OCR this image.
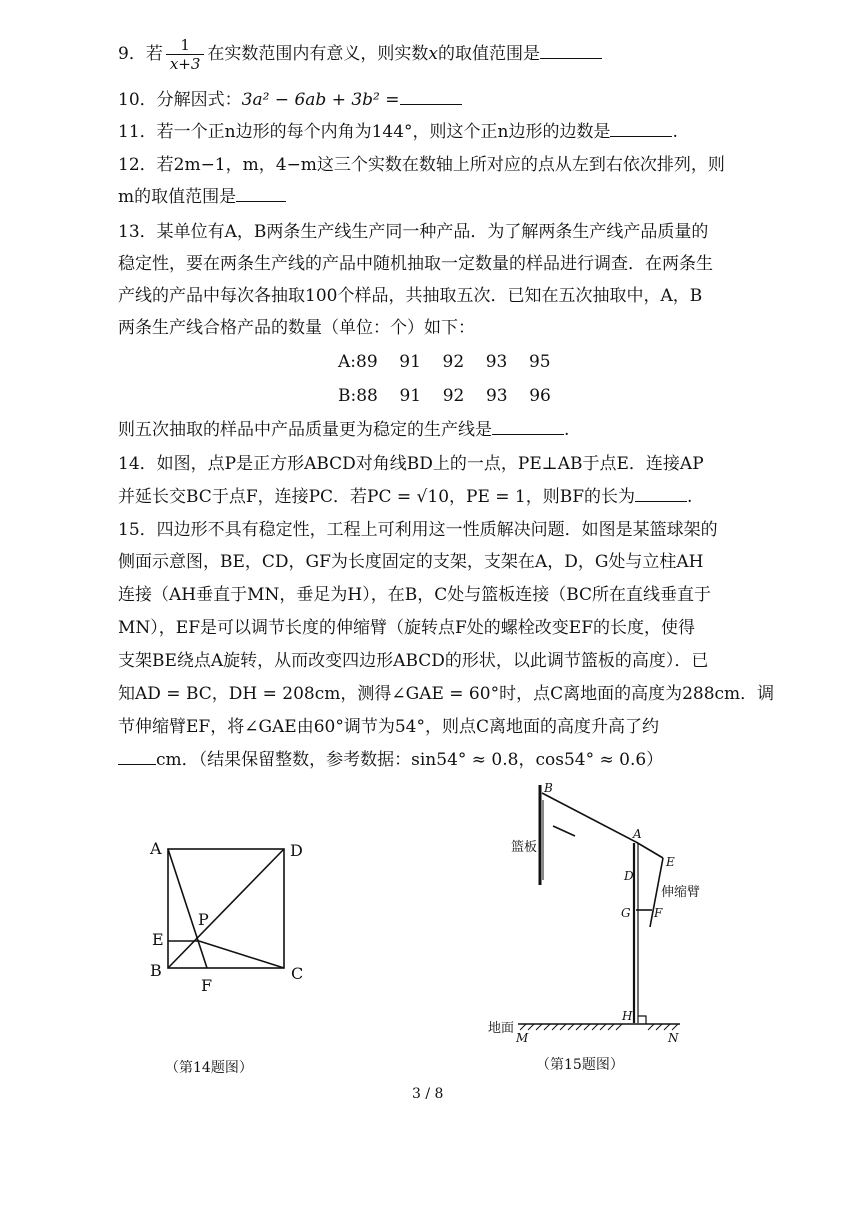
9．若 $\frac{1}{x+3}$ 在实数范围内有意义，则实数x的取值范围是
10．分解因式：3a² − 6ab + 3b² =
11．若一个正n边形的每个内角为144°，则这个正n边形的边数是	.
12．若2m−1，m，4−m这三个实数在数轴上所对应的点从左到右依次排列，则
m的取值范围是
13．某单位有A，B两条生产线生产同一种产品．为了解两条生产线产品质量的
稳定性，要在两条生产线的产品中随机抽取一定数量的样品进行调查．在两条生
产线的产品中每次各抽取100个样品，共抽取五次．已知在五次抽取中，A，B
两条生产线合格产品的数量（单位：个）如下：
A:89    91    92    93    95
B:88    91    92    93    96
则五次抽取的样品中产品质量更为稳定的生产线是	.
14．如图，点P是正方形ABCD对角线BD上的一点，PE⊥AB于点E．连接AP
并延长交BC于点F，连接PC．若PC = √10，PE = 1，则BF的长为	.
15．四边形不具有稳定性，工程上可利用这一性质解决问题．如图是某篮球架的
侧面示意图，BE，CD，GF为长度固定的支架，支架在A，D，G处与立柱AH
连接（AH垂直于MN，垂足为H），在B，C处与篮板连接（BC所在直线垂直于
MN），EF是可以调节长度的伸缩臂（旋转点F处的螺栓改变EF的长度，使得
支架BE绕点A旋转，从而改变四边形ABCD的形状，以此调节篮板的高度）．已
知AD = BC，DH = 208cm，测得∠GAE = 60°时，点C离地面的高度为288cm．调
节伸缩臂EF，将∠GAE由60°调节为54°，则点C离地面的高度升高了约
cm．（结果保留整数，参考数据：sin54° ≈ 0.8，cos54° ≈ 0.6）
A	D
E
B	C
F
P
（第14题图）
B
A
D
E
G F
H
M	N
篮板
伸缩臂
地面
（第15题图）
3 / 8
